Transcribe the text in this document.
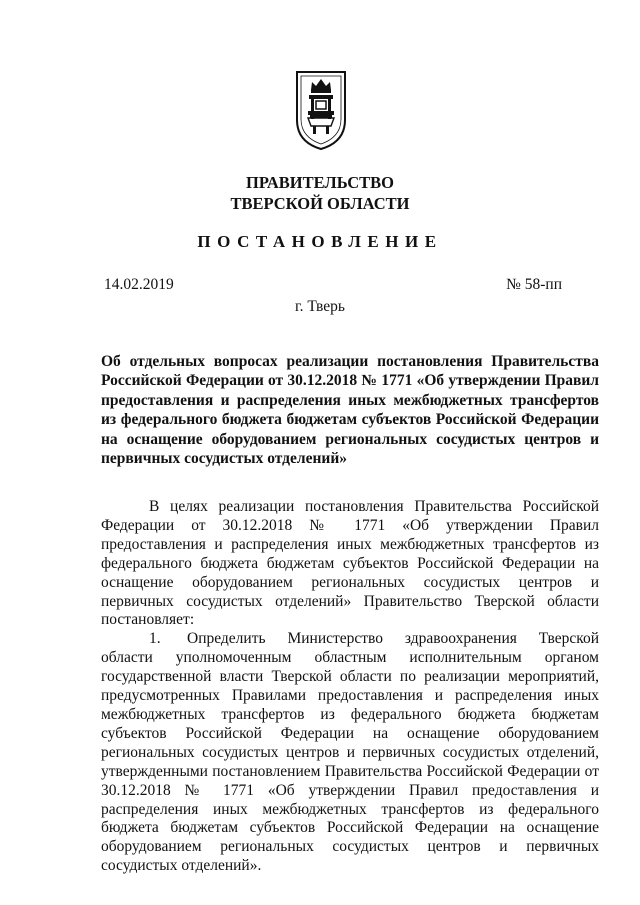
ПРАВИТЕЛЬСТВО
ТВЕРСКОЙ ОБЛАСТИ
ПОСТАНОВЛЕНИЕ
14.02.2019	№ 58-пп
г. Тверь
Об отдельных вопросах реализации постановления Правительства Российской Федерации от 30.12.2018 № 1771 «Об утверждении Правил предоставления и распределения иных межбюджетных трансфертов из федерального бюджета бюджетам субъектов Российской Федерации на оснащение оборудованием региональных сосудистых центров и первичных сосудистых отделений»

В целях реализации постановления Правительства Российской Федерации от 30.12.2018 № 1771 «Об утверждении Правил предоставления и распределения иных межбюджетных трансфертов из федерального бюджета бюджетам субъектов Российской Федерации на оснащение оборудованием региональных сосудистых центров и первичных сосудистых отделений» Правительство Тверской области постановляет:

1. Определить Министерство здравоохранения Тверской области уполномоченным областным исполнительным органом государственной власти Тверской области по реализации мероприятий, предусмотренных Правилами предоставления и распределения иных межбюджетных трансфертов из федерального бюджета бюджетам субъектов Российской Федерации на оснащение оборудованием региональных сосудистых центров и первичных сосудистых отделений, утвержденными постановлением Правительства Российской Федерации от 30.12.2018 № 1771 «Об утверждении Правил предоставления и распределения иных межбюджетных трансфертов из федерального бюджета бюджетам субъектов Российской Федерации на оснащение оборудованием региональных сосудистых центров и первичных сосудистых отделений».
